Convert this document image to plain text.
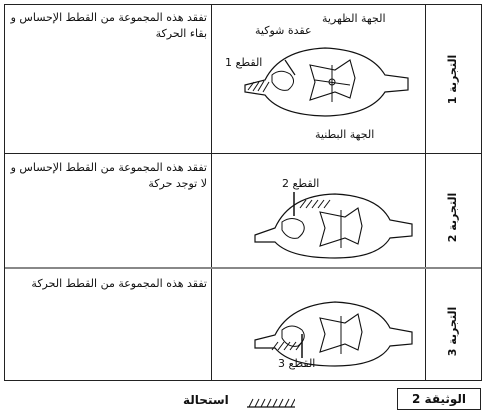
تفقد هذه المجموعة من القطط الإحساس و بقاء الحركة
تفقد هذه المجموعة من القطط الإحساس و لا توجد حركة
تفقد هذه المجموعة من القطط الحركة
التجربة 1
التجربة 2
التجربة 3
الجهة الظهرية
عقدة شوكية
القطع 1
الجهة البطنية
القطع 2
القطع 3
الوثيقة 2
استحالة
